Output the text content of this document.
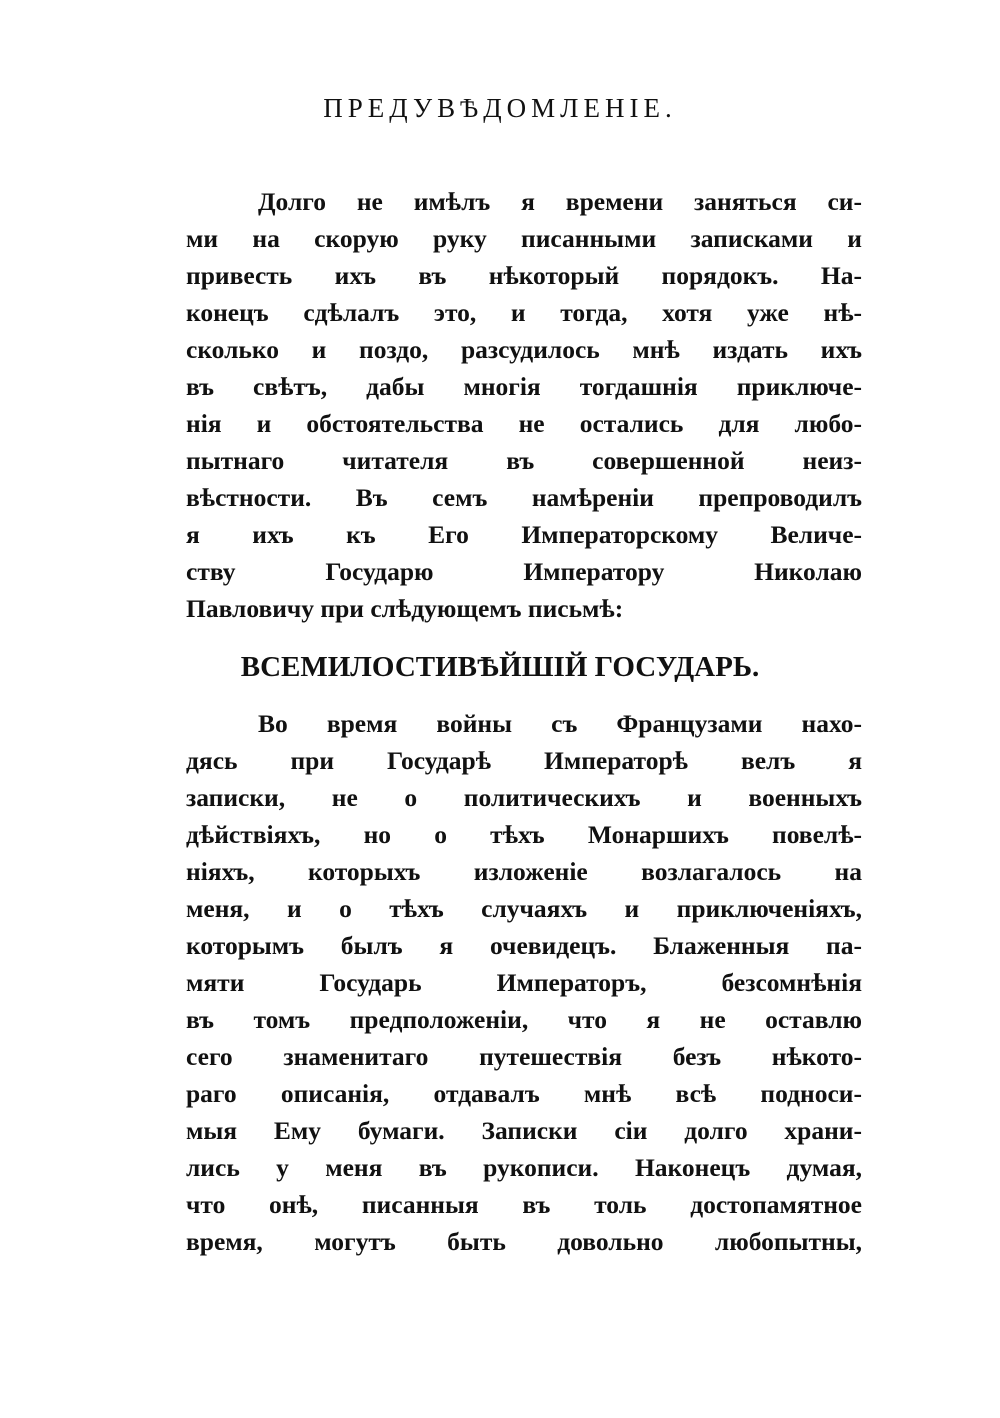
ПРЕДУВѢДОМЛЕНІЕ.
Долго не имѣлъ я времени заняться си-
ми на скорую руку писанными записками и
привесть ихъ въ нѣкоторый порядокъ. На-
конецъ сдѣлалъ это, и тогда, хотя уже нѣ-
сколько и поздо, разсудилось мнѣ издать ихъ
въ свѣтъ, дабы многія тогдашнія приключе-
нія и обстоятельства не остались для любо-
пытнаго читателя въ совершенной неиз-
вѣстности. Въ семъ намѣреніи препроводилъ
я ихъ къ Его Императорскому Величе-
ству Государю Императору Николаю
Павловичу при слѣдующемъ письмѣ:
ВСЕМИЛОСТИВѢЙШІЙ ГОСУДАРЬ.
Во время войны съ Французами нахо-
дясь при Государѣ Императорѣ велъ я
записки, не о политическихъ и военныхъ
дѣйствіяхъ, но о тѣхъ Монаршихъ повелѣ-
ніяхъ, которыхъ изложеніе возлагалось на
меня, и о тѣхъ случаяхъ и приключеніяхъ,
которымъ былъ я очевидецъ. Блаженныя па-
мяти Государь Императоръ, безсомнѣнія
въ томъ предположеніи, что я не оставлю
сего знаменитаго путешествія безъ нѣкото-
раго описанія, отдавалъ мнѣ всѣ подноси-
мыя Ему бумаги. Записки сіи долго храни-
лись у меня въ рукописи. Наконецъ думая,
что онѣ, писанныя въ толь достопамятное
время, могутъ быть довольно любопытны,
